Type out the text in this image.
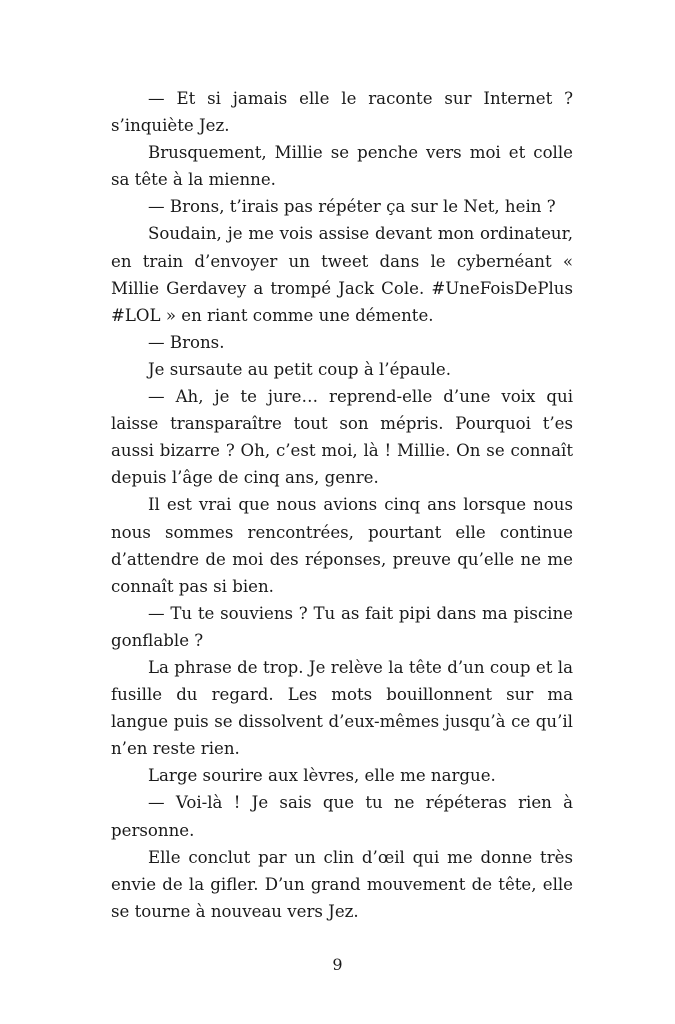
— Et si jamais elle le raconte sur Internet ? s’inquiète Jez.

Brusquement, Millie se penche vers moi et colle sa tête à la mienne.

— Brons, t’irais pas répéter ça sur le Net, hein ?

Soudain, je me vois assise devant mon ordinateur, en train d’envoyer un tweet dans le cybernéant « Millie Gerdavey a trompé Jack Cole. #UneFoisDePlus #LOL » en riant comme une démente.

— Brons.

Je sursaute au petit coup à l’épaule.

— Ah, je te jure… reprend-elle d’une voix qui laisse transparaître tout son mépris. Pourquoi t’es aussi bizarre ? Oh, c’est moi, là ! Millie. On se connaît depuis l’âge de cinq ans, genre.

Il est vrai que nous avions cinq ans lorsque nous nous sommes rencontrées, pourtant elle continue d’attendre de moi des réponses, preuve qu’elle ne me connaît pas si bien.

— Tu te souviens ? Tu as fait pipi dans ma piscine gonflable ?

La phrase de trop. Je relève la tête d’un coup et la fusille du regard. Les mots bouillonnent sur ma langue puis se dissolvent d’eux-mêmes jusqu’à ce qu’il n’en reste rien.

Large sourire aux lèvres, elle me nargue.

— Voi-là ! Je sais que tu ne répéteras rien à personne.

Elle conclut par un clin d’œil qui me donne très envie de la gifler. D’un grand mouvement de tête, elle se tourne à nouveau vers Jez.

9
